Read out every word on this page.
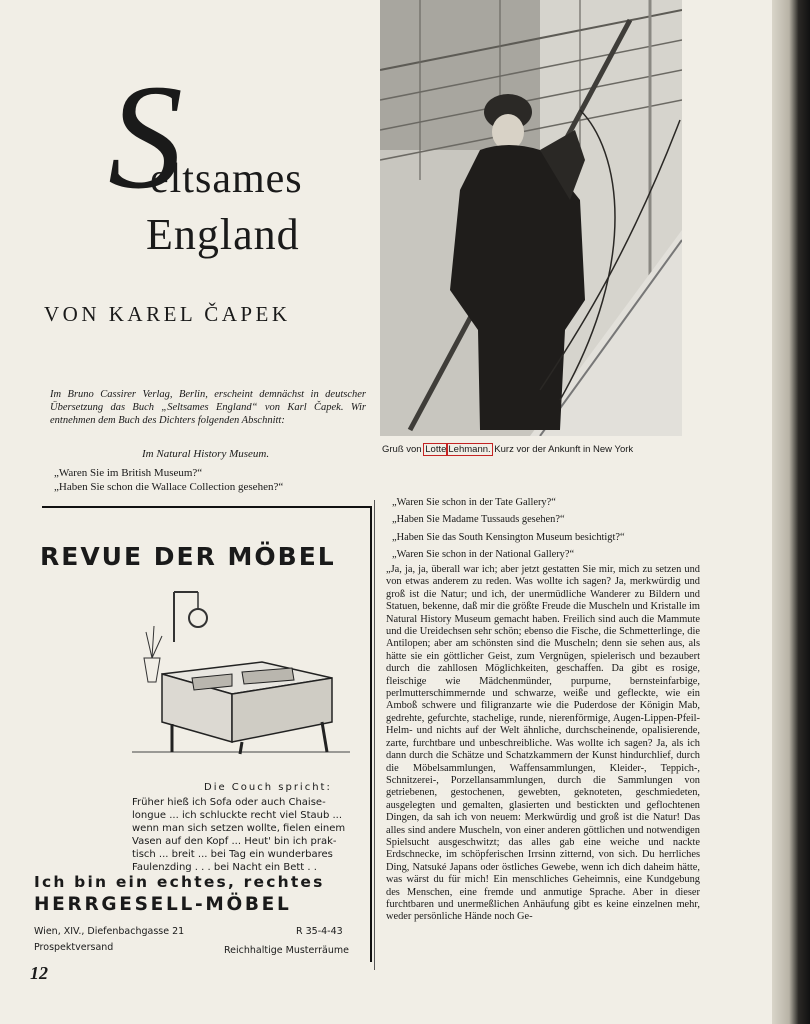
S
eltsames
England
VON KAREL ČAPEK
Im Bruno Cassirer Verlag, Berlin, erscheint demnächst in deutscher Übersetzung das Buch „Seltsames England“ von Karl Čapek. Wir entnehmen dem Buch des Dichters folgenden Abschnitt:
Im Natural History Museum.
„Waren Sie im British Museum?“
„Haben Sie schon die Wallace Collection gesehen?“
Gruß von Lotte Lehmann. Kurz vor der Ankunft in New York
REVUE DER MÖBEL
Die Couch spricht:
Früher hieß ich Sofa oder auch Chaise-
longue ... ich schluckte recht viel Staub ...
wenn man sich setzen wollte, fielen einem
Vasen auf den Kopf ... Heut' bin ich prak-
tisch ... breit ... bei Tag ein wunderbares
Faulenzding . . . bei Nacht ein Bett . .
Ich bin ein echtes, rechtes
HERRGESELL-MÖBEL
Wien, XIV., Diefenbachgasse 21	R 35-4-43
Prospektversand	Reichhaltige Musterräume
12
„Waren Sie schon in der Tate Gallery?“
„Haben Sie Madame Tussauds gesehen?“
„Haben Sie das South Kensington Museum besichtigt?“
„Waren Sie schon in der National Gallery?“
„Ja, ja, ja, überall war ich; aber jetzt gestatten Sie mir, mich zu setzen und von etwas anderem zu reden. Was wollte ich sagen? Ja, merkwürdig und groß ist die Natur; und ich, der unermüdliche Wanderer zu Bildern und Statuen, bekenne, daß mir die größte Freude die Muscheln und Kristalle im Natural History Museum gemacht haben. Freilich sind auch die Mammute und die Ureidechsen sehr schön; ebenso die Fische, die Schmetterlinge, die Antilopen; aber am schönsten sind die Muscheln; denn sie sehen aus, als hätte sie ein göttlicher Geist, zum Vergnügen, spielerisch und bezaubert durch die zahllosen Möglichkeiten, geschaffen. Da gibt es rosige, fleischige wie Mädchenmünder, purpurne, bernsteinfarbige, perlmutterschimmernde und schwarze, weiße und gefleckte, wie ein Amboß schwere und filigranzarte wie die Puderdose der Königin Mab, gedrehte, gefurchte, stachelige, runde, nierenförmige, Augen-Lippen-Pfeil-Helm- und nichts auf der Welt ähnliche, durchscheinende, opalisierende, zarte, furchtbare und unbeschreibliche. Was wollte ich sagen? Ja, als ich dann durch die Schätze und Schatzkammern der Kunst hindurchlief, durch die Möbelsammlungen, Waffensammlungen, Kleider-, Teppich-, Schnitzerei-, Porzellansammlungen, durch die Sammlungen von getriebenen, gestochenen, gewebten, geknoteten, geschmiedeten, ausgelegten und gemalten, glasierten und bestickten und geflochtenen Dingen, da sah ich von neuem: Merkwürdig und groß ist die Natur! Das alles sind andere Muscheln, von einer anderen göttlichen und notwendigen Spielsucht ausgeschwitzt; das alles gab eine weiche und nackte Erdschnecke, im schöpferischen Irrsinn zitternd, von sich. Du herrliches Ding, Natsuké Japans oder östliches Gewebe, wenn ich dich daheim hätte, was wärst du für mich! Ein menschliches Geheimnis, eine Kundgebung des Menschen, eine fremde und anmutige Sprache. Aber in dieser furchtbaren und unermeßlichen Anhäufung gibt es keine einzelnen mehr, weder persönliche Hände noch Ge-
